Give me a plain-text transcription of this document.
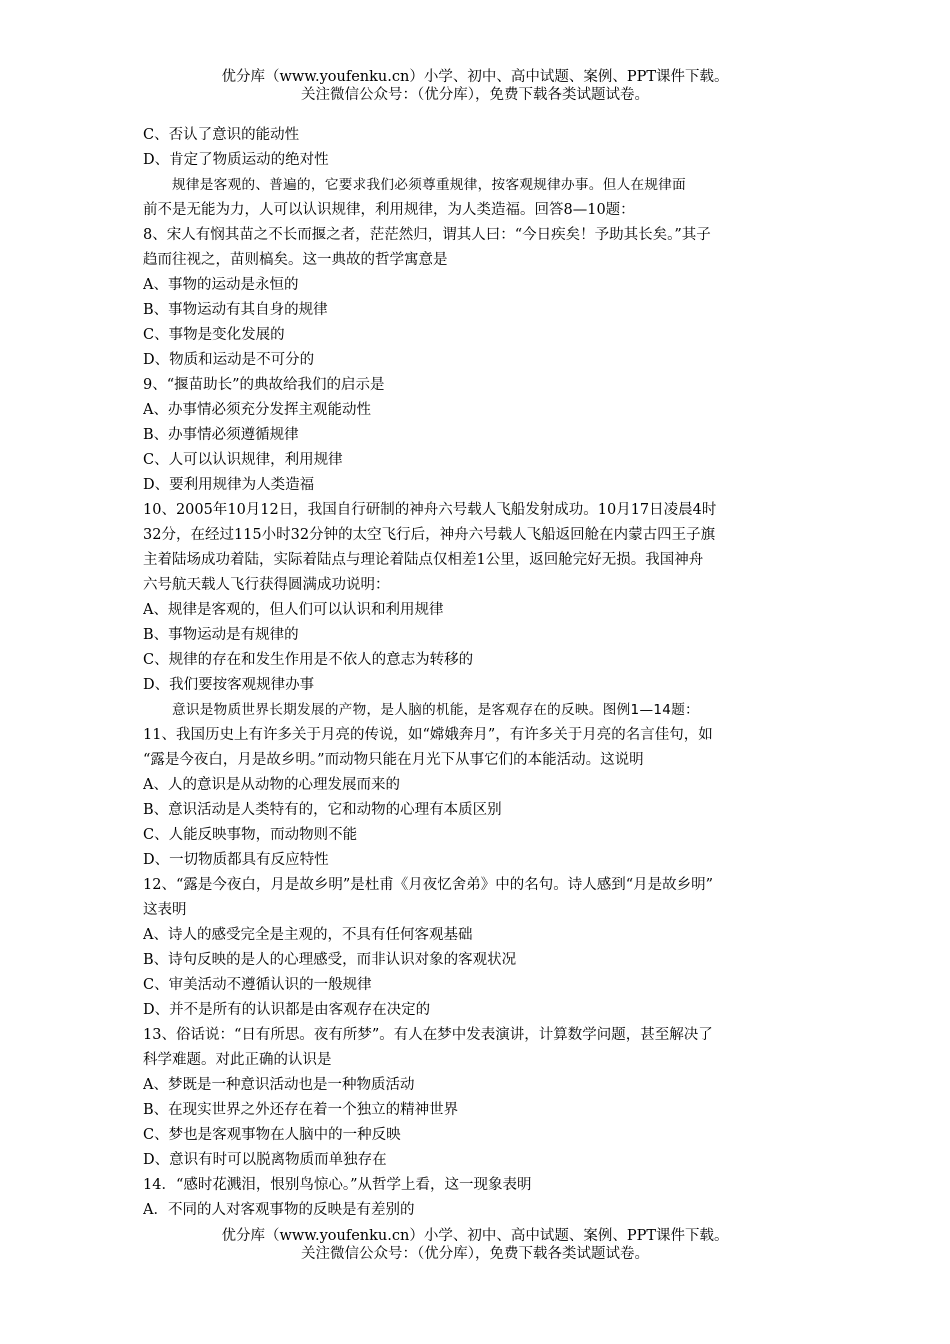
优分库（www.youfenku.cn）小学、初中、高中试题、案例、PPT课件下载。
关注微信公众号：（优分库），免费下载各类试题试卷。
C、否认了意识的能动性
D、肯定了物质运动的绝对性
规律是客观的、普遍的，它要求我们必须尊重规律，按客观规律办事。但人在规律面
前不是无能为力，人可以认识规律，利用规律，为人类造福。回答8—10题：
8、宋人有悯其苗之不长而揠之者，茫茫然归，谓其人曰：“今日疾矣！予助其长矣。”其子
趋而往视之，苗则槁矣。这一典故的哲学寓意是
A、事物的运动是永恒的
B、事物运动有其自身的规律
C、事物是变化发展的
D、物质和运动是不可分的
9、“揠苗助长”的典故给我们的启示是
A、办事情必须充分发挥主观能动性
B、办事情必须遵循规律
C、人可以认识规律，利用规律
D、要利用规律为人类造福
10、2005年10月12日，我国自行研制的神舟六号载人飞船发射成功。10月17日凌晨4时
32分，在经过115小时32分钟的太空飞行后，神舟六号载人飞船返回舱在内蒙古四王子旗
主着陆场成功着陆，实际着陆点与理论着陆点仅相差1公里，返回舱完好无损。我国神舟
六号航天载人飞行获得圆满成功说明：
A、规律是客观的，但人们可以认识和利用规律
B、事物运动是有规律的
C、规律的存在和发生作用是不依人的意志为转移的
D、我们要按客观规律办事
意识是物质世界长期发展的产物，是人脑的机能，是客观存在的反映。图例1—14题：
11、我国历史上有许多关于月亮的传说，如“嫦娥奔月”，有许多关于月亮的名言佳句，如
“露是今夜白，月是故乡明。”而动物只能在月光下从事它们的本能活动。这说明
A、人的意识是从动物的心理发展而来的
B、意识活动是人类特有的，它和动物的心理有本质区别
C、人能反映事物，而动物则不能
D、一切物质都具有反应特性
12、“露是今夜白，月是故乡明”是杜甫《月夜忆舍弟》中的名句。诗人感到“月是故乡明”
这表明
A、诗人的感受完全是主观的，不具有任何客观基础
B、诗句反映的是人的心理感受，而非认识对象的客观状况
C、审美活动不遵循认识的一般规律
D、并不是所有的认识都是由客观存在决定的
13、俗话说：“日有所思。夜有所梦”。有人在梦中发表演讲，计算数学问题，甚至解决了
科学难题。对此正确的认识是
A、梦既是一种意识活动也是一种物质活动
B、在现实世界之外还存在着一个独立的精神世界
C、梦也是客观事物在人脑中的一种反映
D、意识有时可以脱离物质而单独存在
14．“感时花溅泪，恨别鸟惊心。”从哲学上看，这一现象表明
A．不同的人对客观事物的反映是有差别的
优分库（www.youfenku.cn）小学、初中、高中试题、案例、PPT课件下载。
关注微信公众号：（优分库），免费下载各类试题试卷。
